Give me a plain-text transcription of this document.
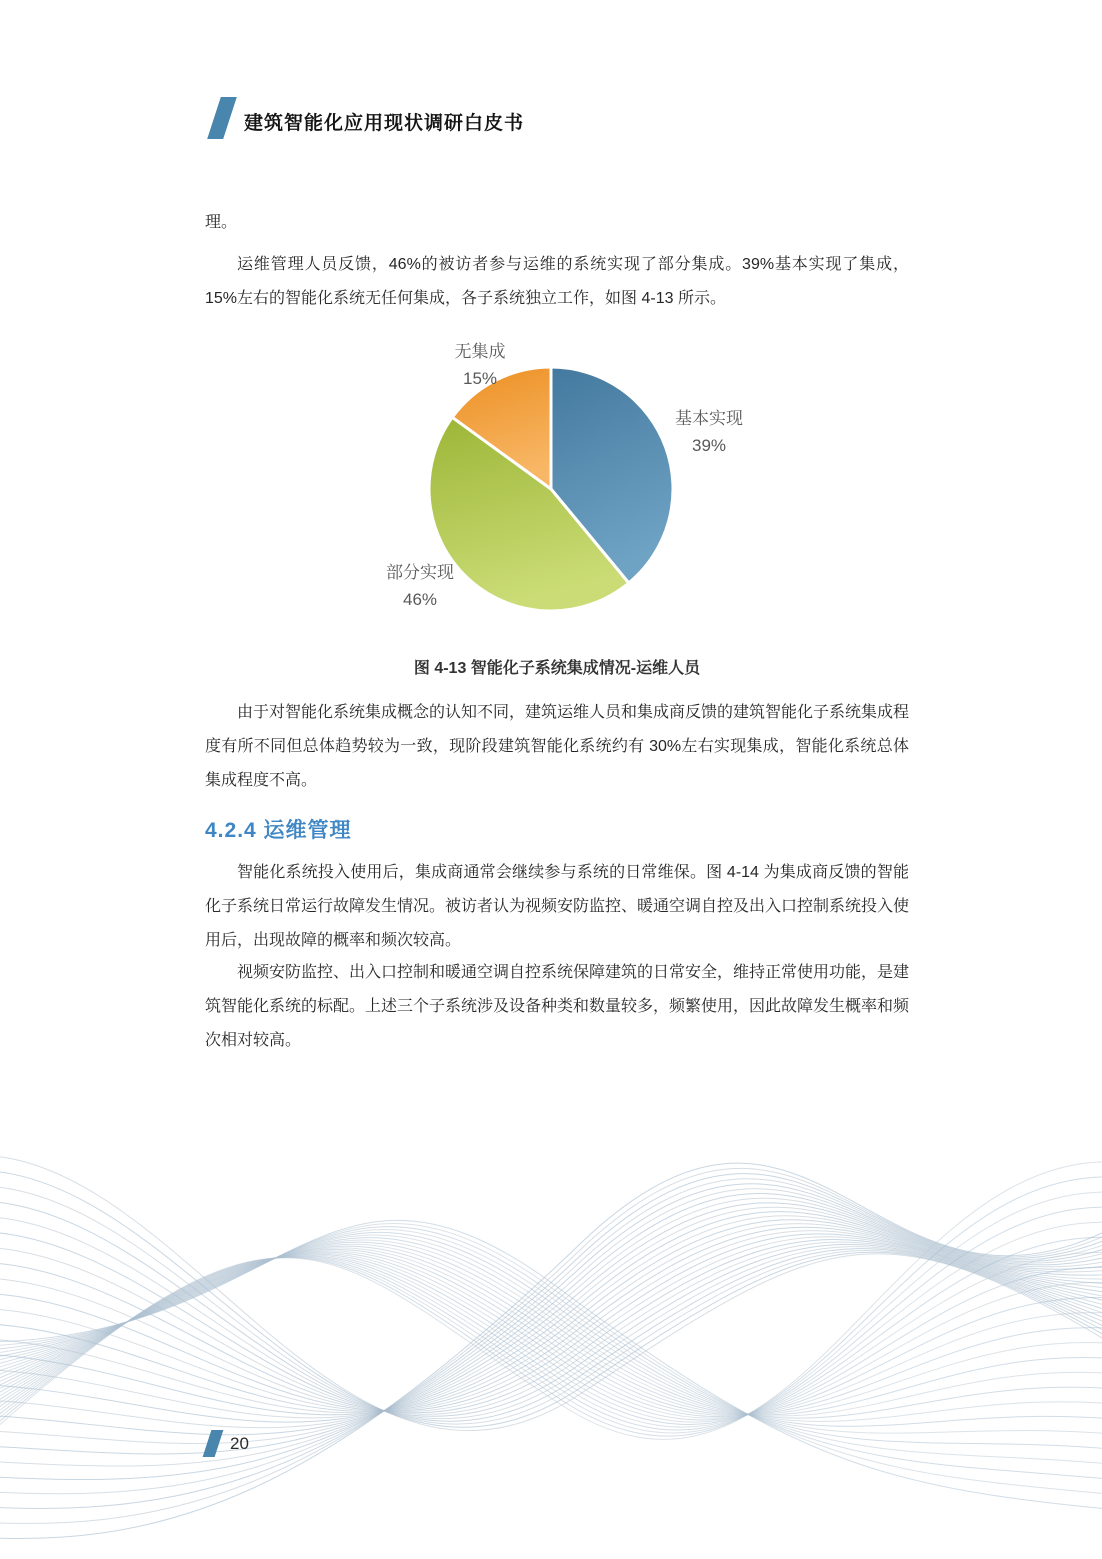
建筑智能化应用现状调研白皮书

理。

运维管理人员反馈，46%的被访者参与运维的系统实现了部分集成。39%基本实现了集成，15%左右的智能化系统无任何集成，各子系统独立工作，如图 4-13 所示。

基本实现
39%
部分实现
46%
无集成
15%

图 4-13 智能化子系统集成情况-运维人员

由于对智能化系统集成概念的认知不同，建筑运维人员和集成商反馈的建筑智能化子系统集成程度有所不同但总体趋势较为一致，现阶段建筑智能化系统约有 30%左右实现集成，智能化系统总体集成程度不高。

4.2.4 运维管理

智能化系统投入使用后，集成商通常会继续参与系统的日常维保。图 4-14 为集成商反馈的智能化子系统日常运行故障发生情况。被访者认为视频安防监控、暖通空调自控及出入口控制系统投入使用后，出现故障的概率和频次较高。

视频安防监控、出入口控制和暖通空调自控系统保障建筑的日常安全，维持正常使用功能，是建筑智能化系统的标配。上述三个子系统涉及设备种类和数量较多，频繁使用，因此故障发生概率和频次相对较高。

20
